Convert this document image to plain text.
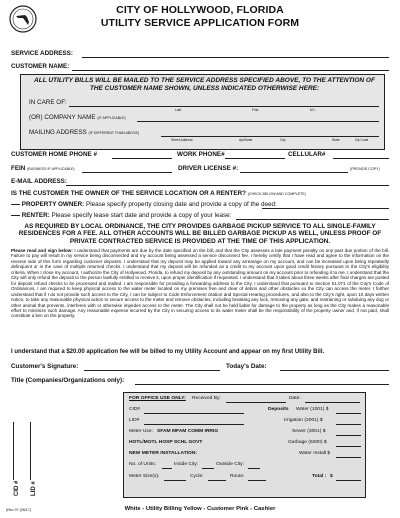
CITY OF HOLLYWOOD, FLORIDA
UTILITY SERVICE APPLICATION FORM
SERVICE ADDRESS:
CUSTOMER NAME:
ALL UTILITY BILLS WILL BE MAILED TO THE SERVICE ADDRESS SPECIFIED ABOVE, TO THE ATTENTION OF THE CUSTOMER NAME SHOWN, UNLESS INDICATED OTHERWISE HERE:
IN CARE OF:
Last	First	M.I.
(OR) COMPANY NAME (IF APPLICABLE)
MAILING ADDRESS (IF DIFFERENT THAN ABOVE)
Street Address	Apt/Suite	City	State	Zip Code
CUSTOMER HOME PHONE #	WORK PHONE#	CELLULAR#
FEIN (BUSINESS IF APPLICABLE)	DRIVER LICENSE #:	(PROVIDE COPY)
E-MAIL ADDRESS:
IS THE CUSTOMER THE OWNER OF THE SERVICE LOCATION OR A RENTER? (CHECK BELOW AND COMPLETE)
PROPERTY OWNER: Please specify property closing date and provide a copy of the deed:
RENTER: Please specify lease start date and provide a copy of your lease:
AS REQUIRED BY LOCAL ORDINANCE, THE CITY PROVIDES GARBAGE PICKUP SERVICE TO ALL SINGLE-FAMILY RESIDENCES FOR A FEE. ALL OTHER ACCOUNTS WILL BE BILLED GARBAGE PICKUP AS WELL, UNLESS PROOF OF PRIVATE CONTRACTED SERVICE IS PROVIDED AT THE TIME OF THIS APPLICATION.
Please read and sign below: I understand that payments are due by the date specified on the bill, and that the City assesses a late payment penalty on any past due portion of the bill. Failure to pay will result in my service being disconnected and my account being assessed a service disconnect fee. I hereby certify that I have read and agree to the information on the reverse side of this form regarding customer deposits. I understand that my deposit may be applied toward any arrearage on my account, and can be increased upon being repeatedly delinquent or in the case of multiple returned checks. I understand that my deposit will be refunded as a credit to my account upon good credit history pursuant to the City's eligibility criteria. When I close my account, I authorize the City of Hollywood, Florida, to refund my deposit by any outstanding amount on my account prior to refunding it to me. I understand that the City will only refund the deposit to the person lawfully entitled to receive it, upon proper identification if requested. I understand that it takes about three weeks after final charges are posted for deposit refund checks to be processed and mailed. I am responsible for providing a forwarding address to the City. I understand that pursuant to Section 51.071 of the City's Code of Ordinances, I am required to keep physical access to the water meter located on my premises free and clear of debris and other obstacles so the City can access the meter. I further understand that if I do not provide such access to the City, I can be subject to Code Enforcement citation and Special Hearing procedures, and also to the City's right, upon 10 days written notice, to take any reasonable physical action to secure access to the meter and remove obstacles, including breaking any lock, removing any gate, and restraining or subduing any dog or other animal that prevents, interferes with or otherwise impedes access to the meter. The City shall not be held liable for damage to the property as long as the City makes a reasonable effort to minimize such damage. Any reasonable expense incurred by the City in securing access to its water meter shall be the responsibility of the property owner and, if not paid, shall constitute a lien on the property.
I understand that a $20.00 application fee will be billed to my Utility Account and appear on my first Utility Bill.
Customer's Signature:	Today's Date:
Title (Companies/Organizations only):
CID # LID #
FOR OFFICE USE ONLY: Received By:	Date:
CID#	Deposits Water (1001) $
LID#	Irrigation (2001) $
Meter Use: SFAM MFAM COMM IRRIG	Sewer (3001) $
HOTL/MOTL HOSP SCHL GOVT	Garbage (5000) $
NEW METER INSTALLATION:	Water Install $
No. of Units:	Inside City:	Outside City:
Meter Size(s):	Cycle:	Route:	Total : $
(Rev 07 (05/17)	White - Utility Billing Yellow - Customer Pink - Cashier
